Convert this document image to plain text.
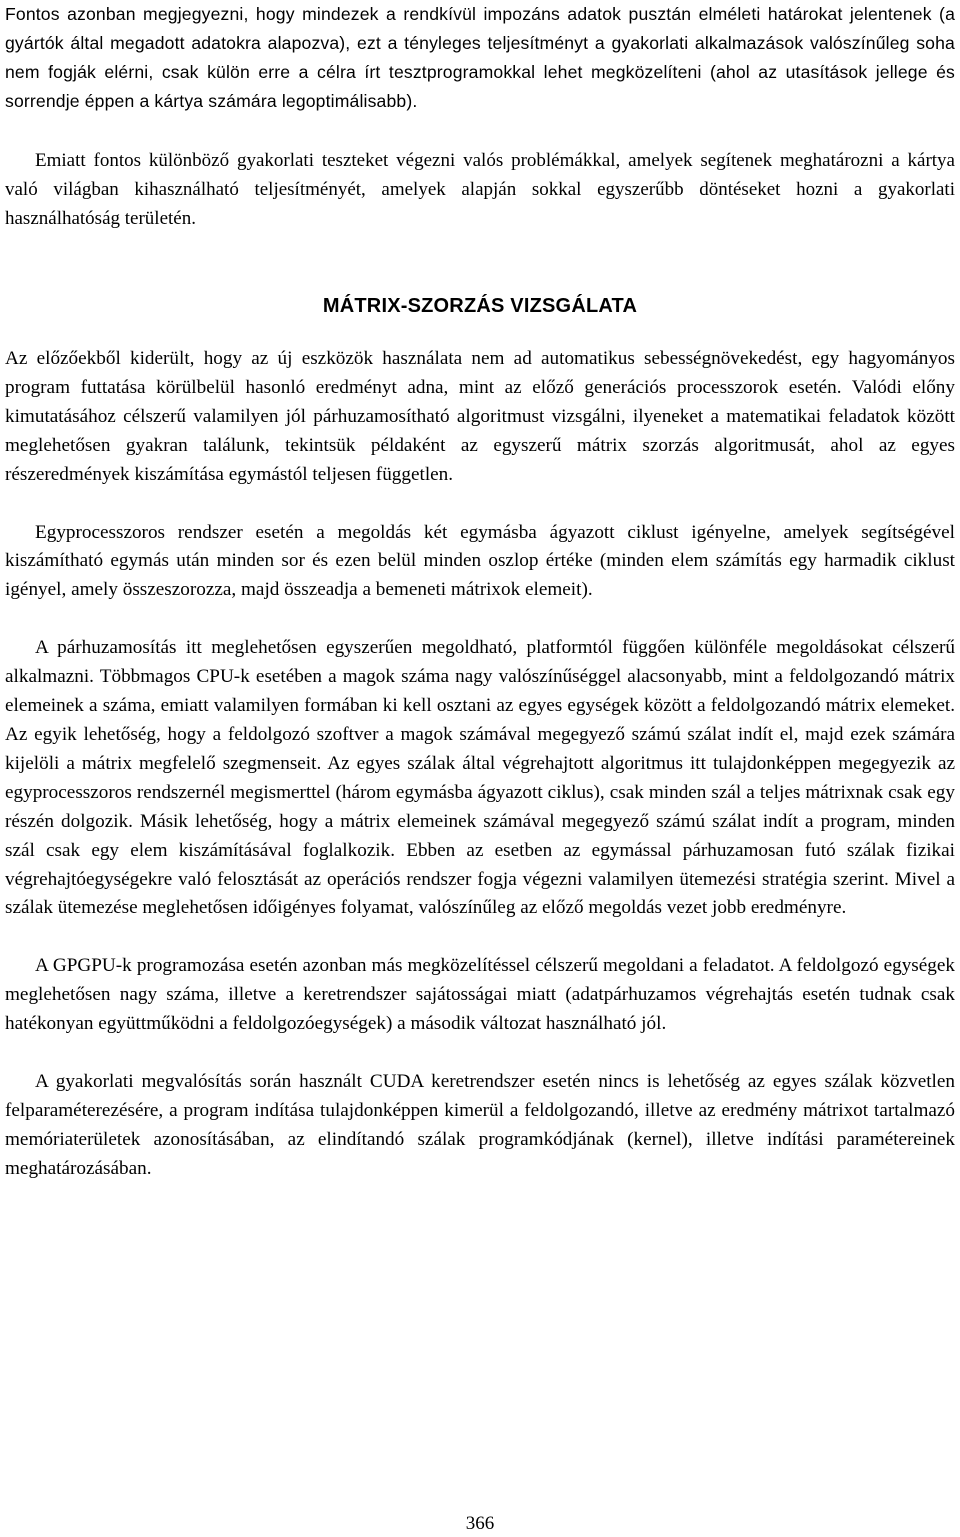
Fontos azonban megjegyezni, hogy mindezek a rendkívül impozáns adatok pusztán elméleti határokat jelentenek (a gyártók által megadott adatokra alapozva), ezt a tényleges teljesítményt a gyakorlati alkalmazások valószínűleg soha nem fogják elérni, csak külön erre a célra írt tesztprogramokkal lehet megközelíteni (ahol az utasítások jellege és sorrendje éppen a kártya számára legoptimálisabb).

Emiatt fontos különböző gyakorlati teszteket végezni valós problémákkal, amelyek segítenek meghatározni a kártya való világban kihasználható teljesítményét, amelyek alapján sokkal egyszerűbb döntéseket hozni a gyakorlati használhatóság területén.

MÁTRIX-SZORZÁS VIZSGÁLATA

Az előzőekből kiderült, hogy az új eszközök használata nem ad automatikus sebességnövekedést, egy hagyományos program futtatása körülbelül hasonló eredményt adna, mint az előző generációs processzorok esetén. Valódi előny kimutatásához célszerű valamilyen jól párhuzamosítható algoritmust vizsgálni, ilyeneket a matematikai feladatok között meglehetősen gyakran találunk, tekintsük példaként az egyszerű mátrix szorzás algoritmusát, ahol az egyes részeredmények kiszámítása egymástól teljesen független.

Egyprocesszoros rendszer esetén a megoldás két egymásba ágyazott ciklust igényelne, amelyek segítségével kiszámítható egymás után minden sor és ezen belül minden oszlop értéke (minden elem számítás egy harmadik ciklust igényel, amely összeszorozza, majd összeadja a bemeneti mátrixok elemeit).

A párhuzamosítás itt meglehetősen egyszerűen megoldható, platformtól függően különféle megoldásokat célszerű alkalmazni. Többmagos CPU-k esetében a magok száma nagy valószínűséggel alacsonyabb, mint a feldolgozandó mátrix elemeinek a száma, emiatt valamilyen formában ki kell osztani az egyes egységek között a feldolgozandó mátrix elemeket. Az egyik lehetőség, hogy a feldolgozó szoftver a magok számával megegyező számú szálat indít el, majd ezek számára kijelöli a mátrix megfelelő szegmenseit. Az egyes szálak által végrehajtott algoritmus itt tulajdonképpen megegyezik az egyprocesszoros rendszernél megismerttel (három egymásba ágyazott ciklus), csak minden szál a teljes mátrixnak csak egy részén dolgozik. Másik lehetőség, hogy a mátrix elemeinek számával megegyező számú szálat indít a program, minden szál csak egy elem kiszámításával foglalkozik. Ebben az esetben az egymással párhuzamosan futó szálak fizikai végrehajtóegységekre való felosztását az operációs rendszer fogja végezni valamilyen ütemezési stratégia szerint. Mivel a szálak ütemezése meglehetősen időigényes folyamat, valószínűleg az előző megoldás vezet jobb eredményre.

A GPGPU-k programozása esetén azonban más megközelítéssel célszerű megoldani a feladatot. A feldolgozó egységek meglehetősen nagy száma, illetve a keretrendszer sajátosságai miatt (adatpárhuzamos végrehajtás esetén tudnak csak hatékonyan együttműködni a feldolgozóegységek) a második változat használható jól.

A gyakorlati megvalósítás során használt CUDA keretrendszer esetén nincs is lehetőség az egyes szálak közvetlen felparaméterezésére, a program indítása tulajdonképpen kimerül a feldolgozandó, illetve az eredmény mátrixot tartalmazó memóriaterületek azonosításában, az elindítandó szálak programkódjának (kernel), illetve indítási paramétereinek meghatározásában.

366
